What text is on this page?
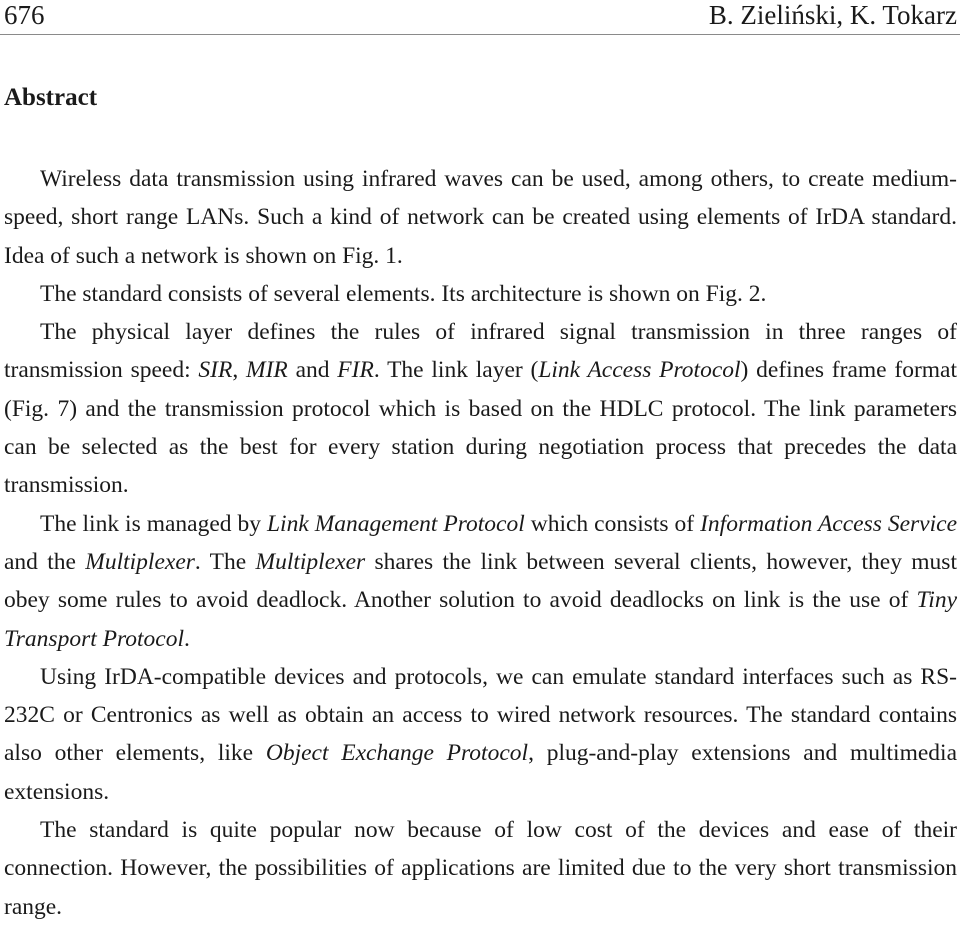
676	B. Zieliński, K. Tokarz
Abstract

Wireless data transmission using infrared waves can be used, among others, to create medium-speed, short range LANs. Such a kind of network can be created using elements of IrDA standard. Idea of such a network is shown on Fig. 1.

The standard consists of several elements. Its architecture is shown on Fig. 2.

The physical layer defines the rules of infrared signal transmission in three ranges of transmission speed: SIR, MIR and FIR. The link layer (Link Access Protocol) defines frame format (Fig. 7) and the transmission protocol which is based on the HDLC protocol. The link parameters can be selected as the best for every station during negotiation process that precedes the data transmission.

The link is managed by Link Management Protocol which consists of Information Access Service and the Multiplexer. The Multiplexer shares the link between several clients, however, they must obey some rules to avoid deadlock. Another solution to avoid deadlocks on link is the use of Tiny Transport Protocol.

Using IrDA-compatible devices and protocols, we can emulate standard interfaces such as RS-232C or Centronics as well as obtain an access to wired network resources. The standard contains also other elements, like Object Exchange Protocol, plug-and-play extensions and multimedia extensions.

The standard is quite popular now because of low cost of the devices and ease of their connection. However, the possibilities of applications are limited due to the very short transmission range.
